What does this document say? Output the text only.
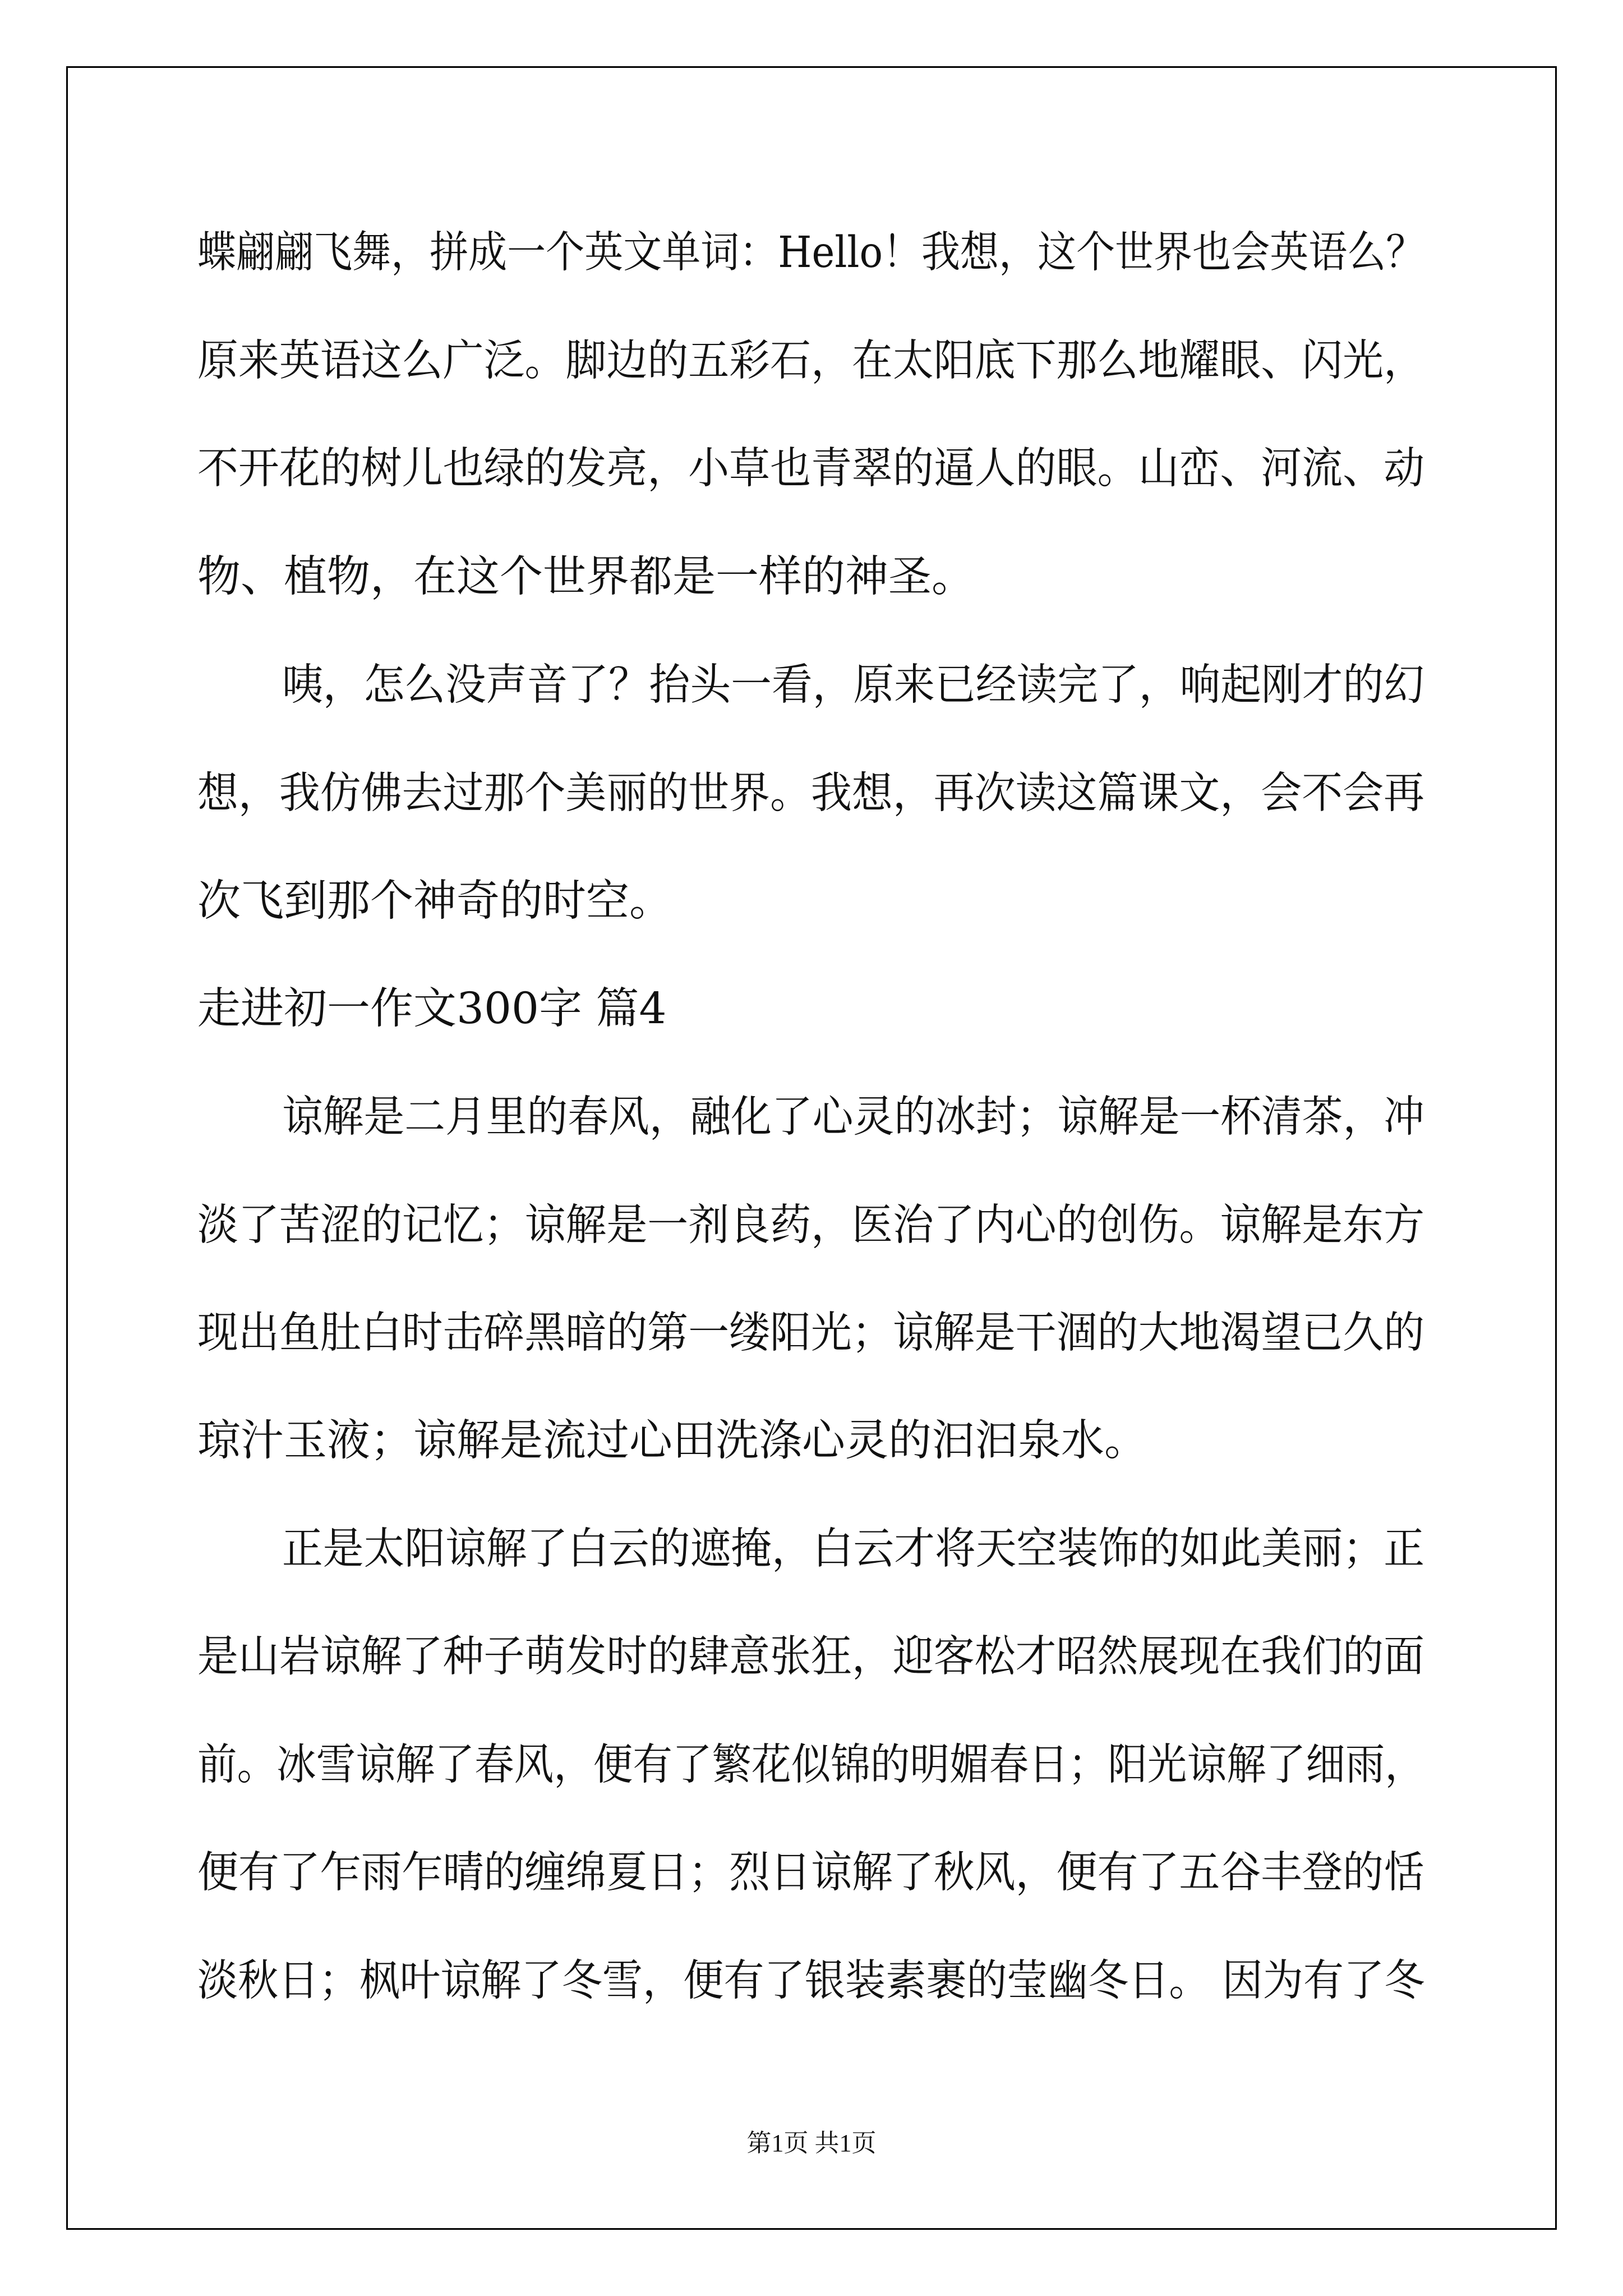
蝶翩翩飞舞，拼成一个英文单词：Hello！我想，这个世界也会英语么？
原来英语这么广泛。脚边的五彩石，在太阳底下那么地耀眼、闪光，
不开花的树儿也绿的发亮，小草也青翠的逼人的眼。山峦、河流、动
物、植物，在这个世界都是一样的神圣。
咦，怎么没声音了？抬头一看，原来已经读完了，响起刚才的幻
想，我仿佛去过那个美丽的世界。我想，再次读这篇课文，会不会再
次飞到那个神奇的时空。
走进初一作文300字 篇4
谅解是二月里的春风，融化了心灵的冰封；谅解是一杯清茶，冲
淡了苦涩的记忆；谅解是一剂良药，医治了内心的创伤。谅解是东方
现出鱼肚白时击碎黑暗的第一缕阳光；谅解是干涸的大地渴望已久的
琼汁玉液；谅解是流过心田洗涤心灵的汩汩泉水。
正是太阳谅解了白云的遮掩，白云才将天空装饰的如此美丽；正
是山岩谅解了种子萌发时的肆意张狂，迎客松才昭然展现在我们的面
前。冰雪谅解了春风，便有了繁花似锦的明媚春日；阳光谅解了细雨，
便有了乍雨乍晴的缠绵夏日；烈日谅解了秋风，便有了五谷丰登的恬
淡秋日；枫叶谅解了冬雪，便有了银装素裹的莹幽冬日。 因为有了冬
第1页 共1页
